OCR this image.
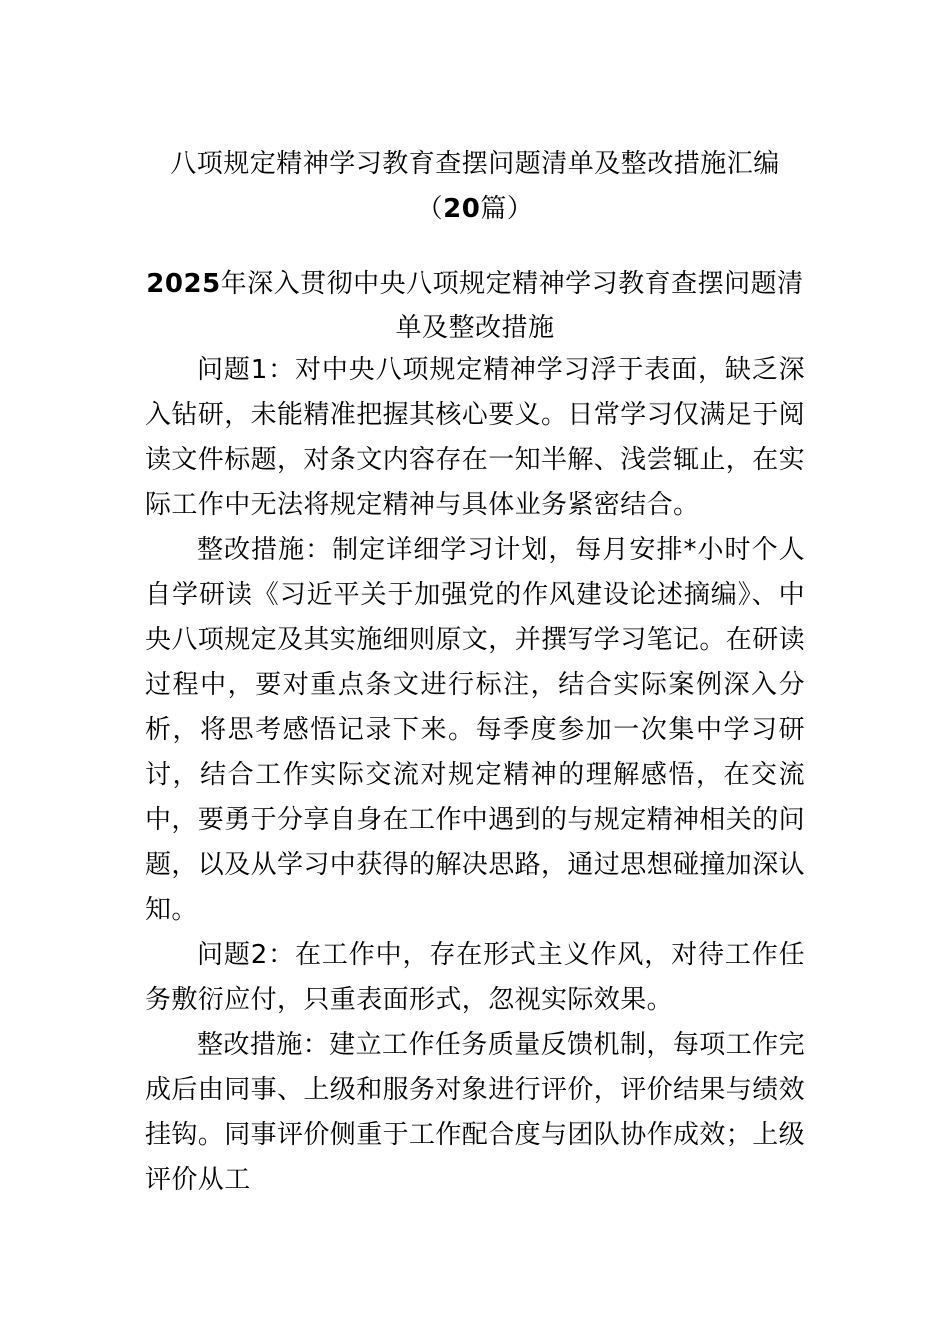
八项规定精神学习教育查摆问题清单及整改措施汇编（20篇）
2025年深入贯彻中央八项规定精神学习教育查摆问题清单及整改措施

问题1：对中央八项规定精神学习浮于表面，缺乏深入钻研，未能精准把握其核心要义。日常学习仅满足于阅读文件标题，对条文内容存在一知半解、浅尝辄止，在实际工作中无法将规定精神与具体业务紧密结合。

整改措施：制定详细学习计划，每月安排*小时个人自学研读《习近平关于加强党的作风建设论述摘编》、中央八项规定及其实施细则原文，并撰写学习笔记。在研读过程中，要对重点条文进行标注，结合实际案例深入分析，将思考感悟记录下来。每季度参加一次集中学习研讨，结合工作实际交流对规定精神的理解感悟，在交流中，要勇于分享自身在工作中遇到的与规定精神相关的问题，以及从学习中获得的解决思路，通过思想碰撞加深认知。

问题2：在工作中，存在形式主义作风，对待工作任务敷衍应付，只重表面形式，忽视实际效果。

整改措施：建立工作任务质量反馈机制，每项工作完成后由同事、上级和服务对象进行评价，评价结果与绩效挂钩。同事评价侧重于工作配合度与团队协作成效；上级评价从工
